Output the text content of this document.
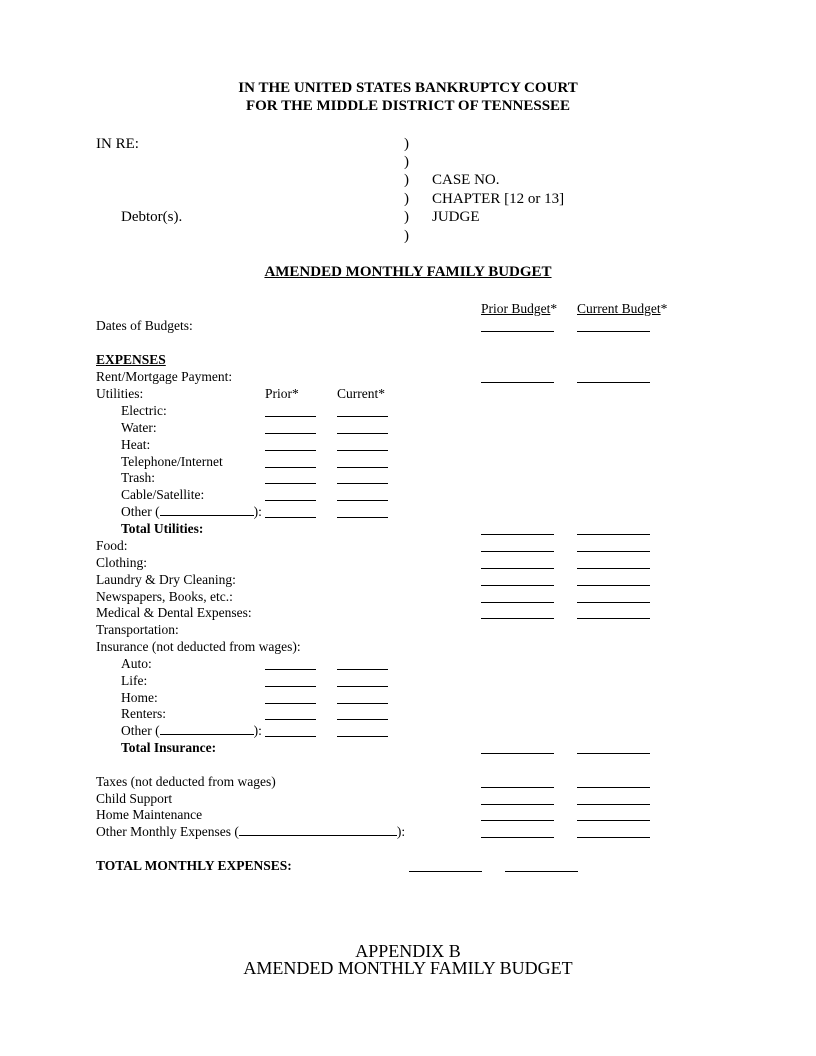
IN THE UNITED STATES BANKRUPTCY COURT
FOR THE MIDDLE DISTRICT OF TENNESSEE
IN RE:
Debtor(s).
)
)
)
)
)
)
CASE NO.
CHAPTER [12 or 13]
JUDGE
AMENDED MONTHLY FAMILY BUDGET
Prior Budget* Current Budget*
Dates of Budgets:
EXPENSES
Rent/Mortgage Payment:
Utilities:	Prior*	Current*
Electric:
Water:
Heat:
Telephone/Internet
Trash:
Cable/Satellite:
Other (	):
Total Utilities:
Food:
Clothing:
Laundry & Dry Cleaning:
Newspapers, Books, etc.:
Medical & Dental Expenses:
Transportation:
Insurance (not deducted from wages):
Auto:
Life:
Home:
Renters:
Other (	):
Total Insurance:
Taxes (not deducted from wages)
Child Support
Home Maintenance
Other Monthly Expenses (	):
TOTAL MONTHLY EXPENSES:
APPENDIX B
AMENDED MONTHLY FAMILY BUDGET
